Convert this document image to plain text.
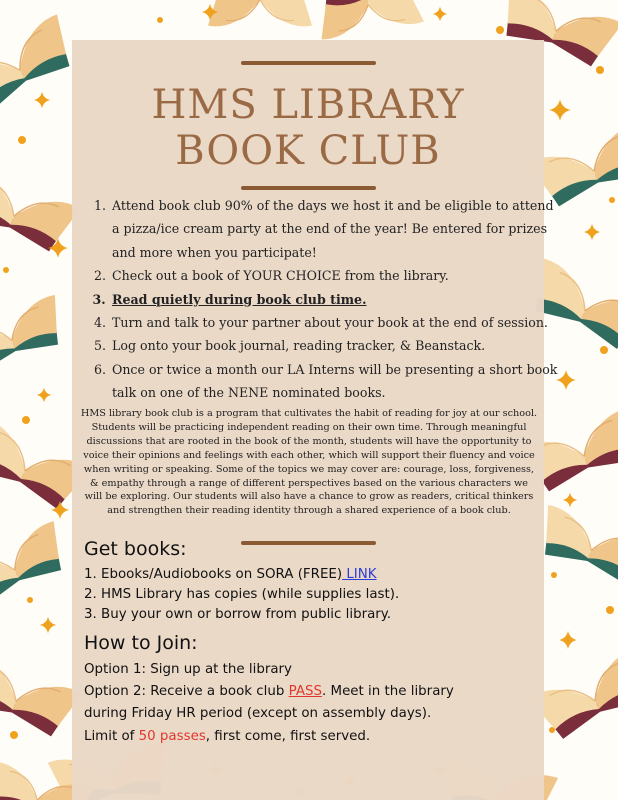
HMS LIBRARY
BOOK CLUB
1. Attend book club 90% of the days we host it and be eligible to attend a pizza/ice cream party at the end of the year! Be entered for prizes and more when you participate!
2. Check out a book of YOUR CHOICE from the library.
3. Read quietly during book club time.
4. Turn and talk to your partner about your book at the end of session.
5. Log onto your book journal, reading tracker, & Beanstack.
6. Once or twice a month our LA Interns will be presenting a short book talk on one of the NENE nominated books.

HMS library book club is a program that cultivates the habit of reading for joy at our school. Students will be practicing independent reading on their own time. Through meaningful discussions that are rooted in the book of the month, students will have the opportunity to voice their opinions and feelings with each other, which will support their fluency and voice when writing or speaking. Some of the topics we may cover are: courage, loss, forgiveness, & empathy through a range of different perspectives based on the various characters we will be exploring. Our students will also have a chance to grow as readers, critical thinkers and strengthen their reading identity through a shared experience of a book club.

Get books:
1. Ebooks/Audiobooks on SORA (FREE) LINK
2. HMS Library has copies (while supplies last).
3. Buy your own or borrow from public library.
How to Join:
Option 1: Sign up at the library
Option 2: Receive a book club PASS. Meet in the library
during Friday HR period (except on assembly days).
Limit of 50 passes, first come, first served.
